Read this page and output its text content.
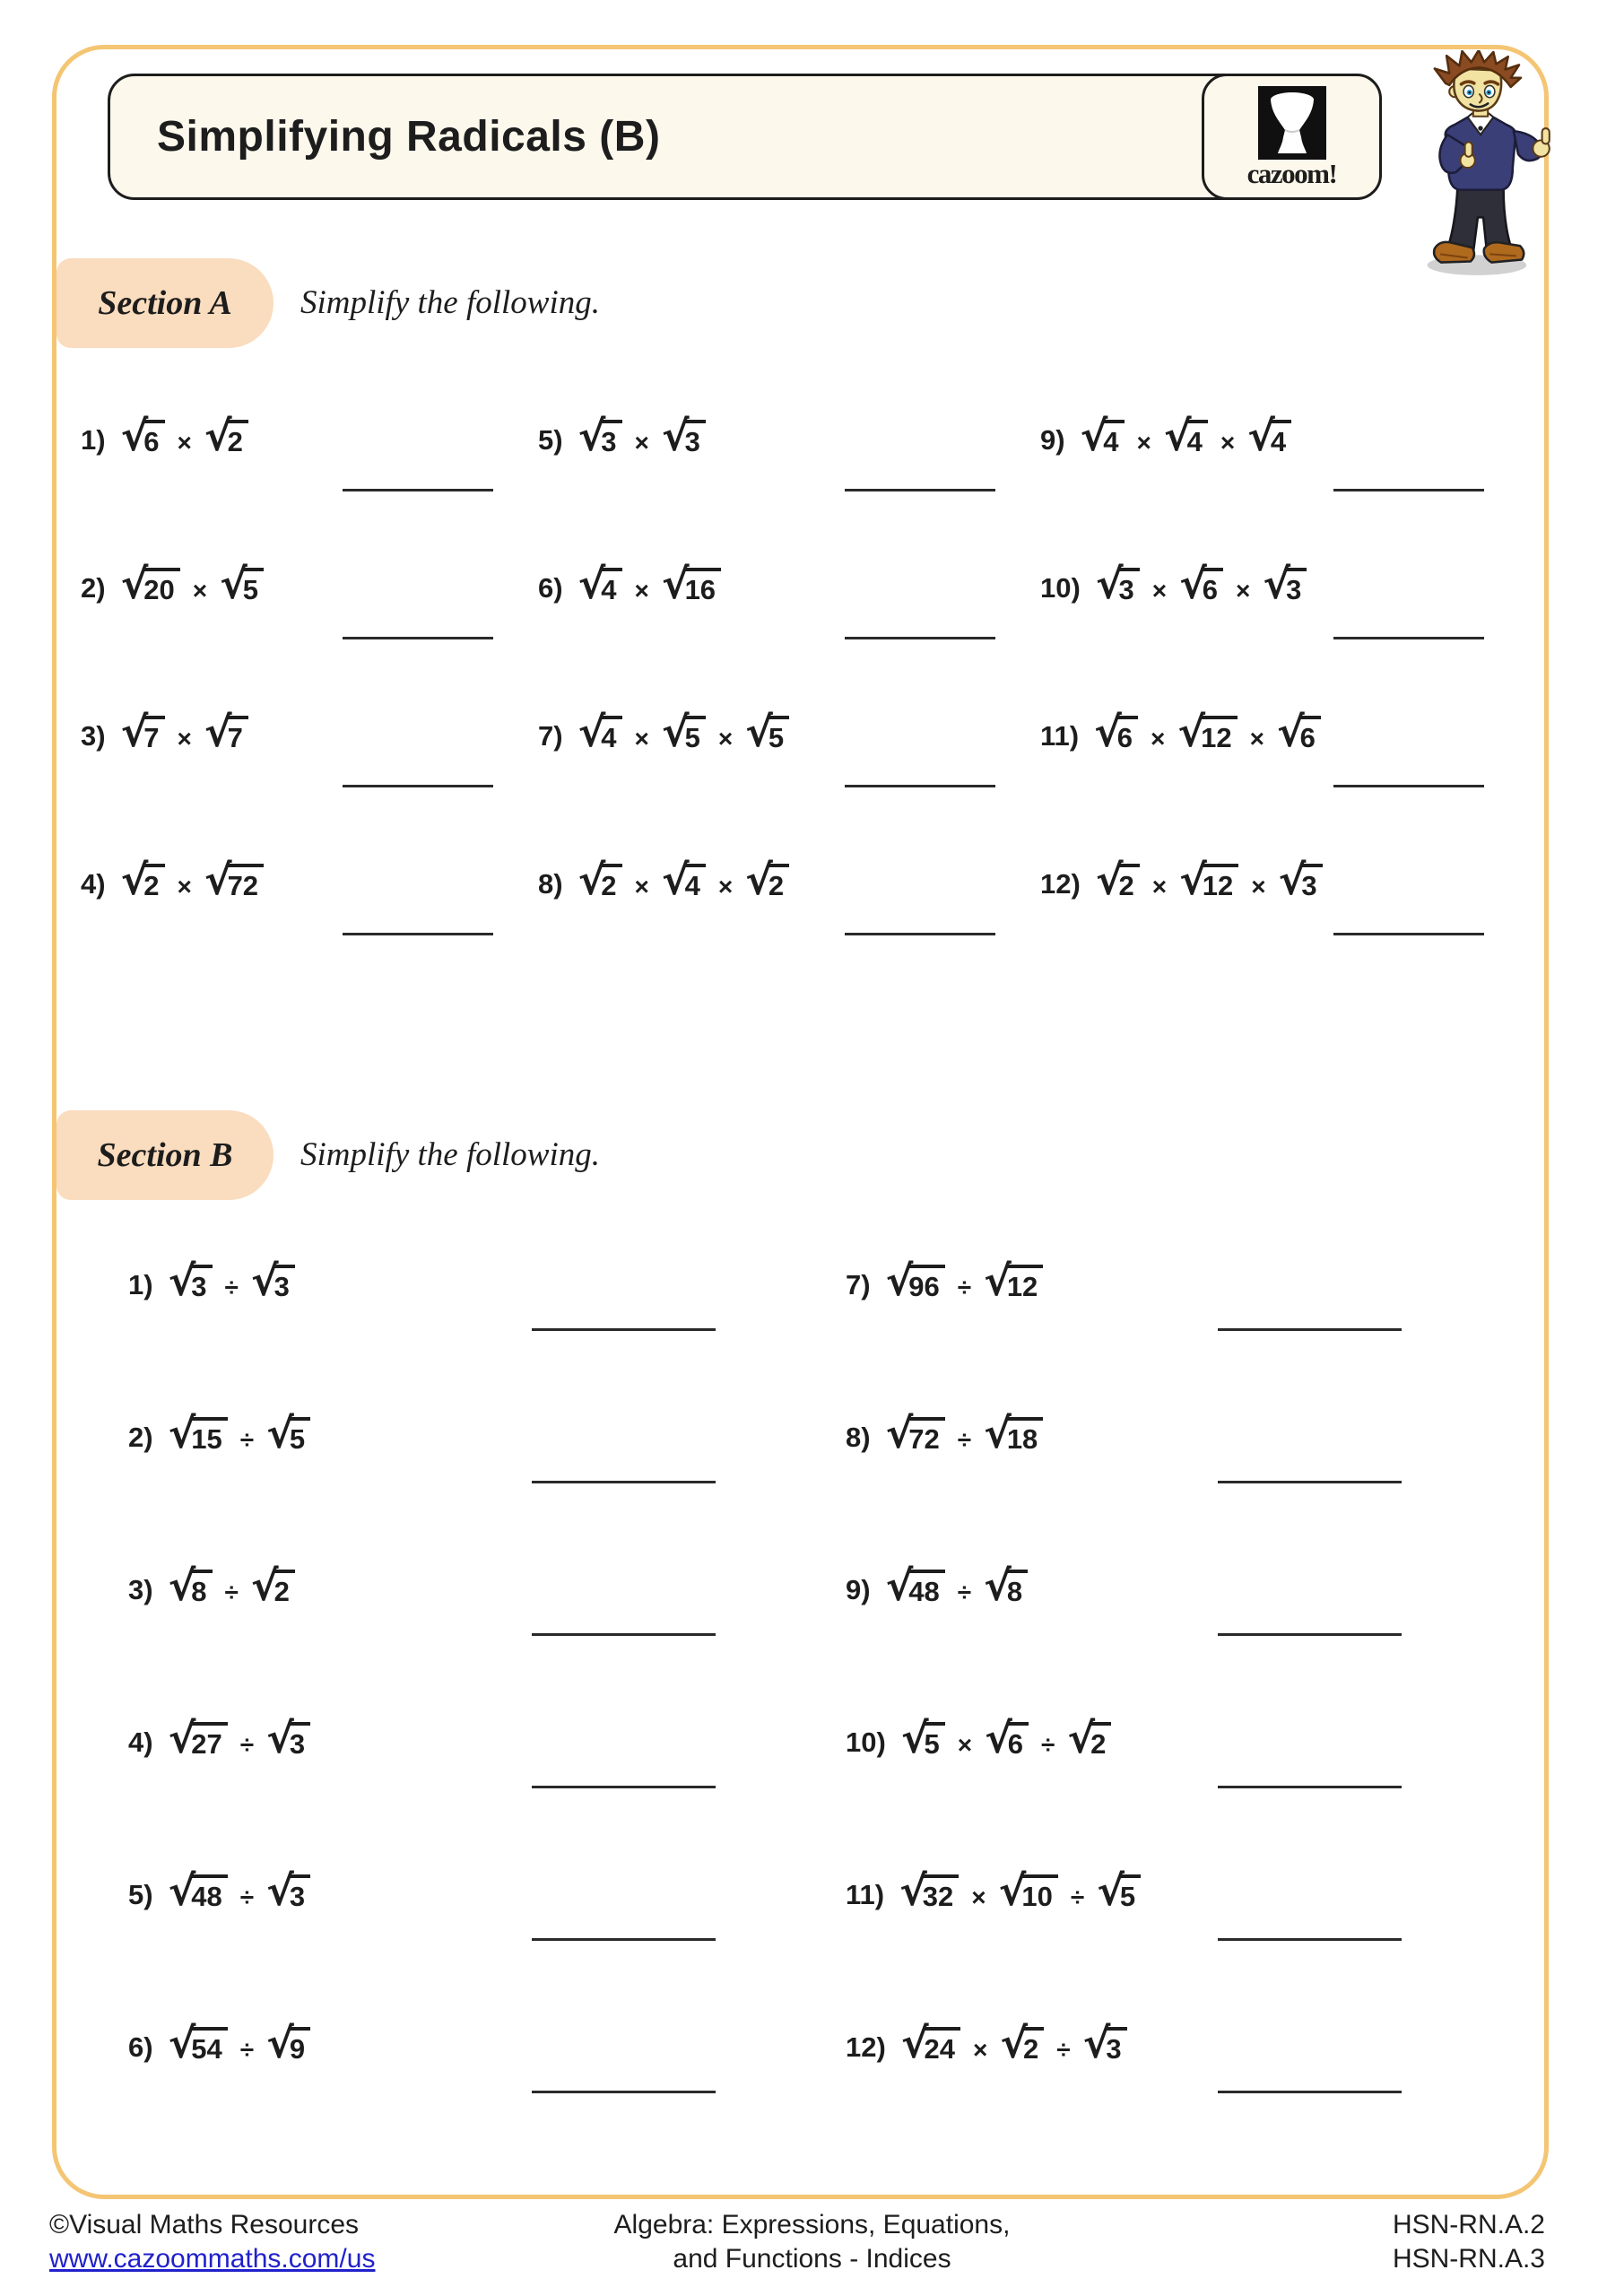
Simplifying Radicals (B)
cazoom!
Section A	Simplify the following.
1) √
6 × √
2
2) √
20 × √
5
3) √
7 × √
7
4) √
2 × √
72
5) √
3 × √
3
6) √
4 × √
16
7) √
4 × √
5 × √
5
8) √
2 × √
4 × √
2
9) √
4 × √
4 × √
4
10) √
3 × √
6 × √
3
11) √
6 × √
12 × √
6
12) √
2 × √
12 × √
3
Section B	Simplify the following.
1) √
3 ÷ √
3
2) √
15 ÷ √
5
3) √
8 ÷ √
2
4) √
27 ÷ √
3
5) √
48 ÷ √
3
6) √
54 ÷ √
9
7) √
96 ÷ √
12
8) √
72 ÷ √
18
9) √
48 ÷ √
8
10) √
5 × √
6 ÷ √
2
11) √
32 × √
10 ÷ √
5
12) √
24 × √
2 ÷ √
3
©Visual Maths Resources
www.cazoommaths.com/us
Algebra: Expressions, Equations,
and Functions - Indices
HSN-RN.A.2
HSN-RN.A.3
